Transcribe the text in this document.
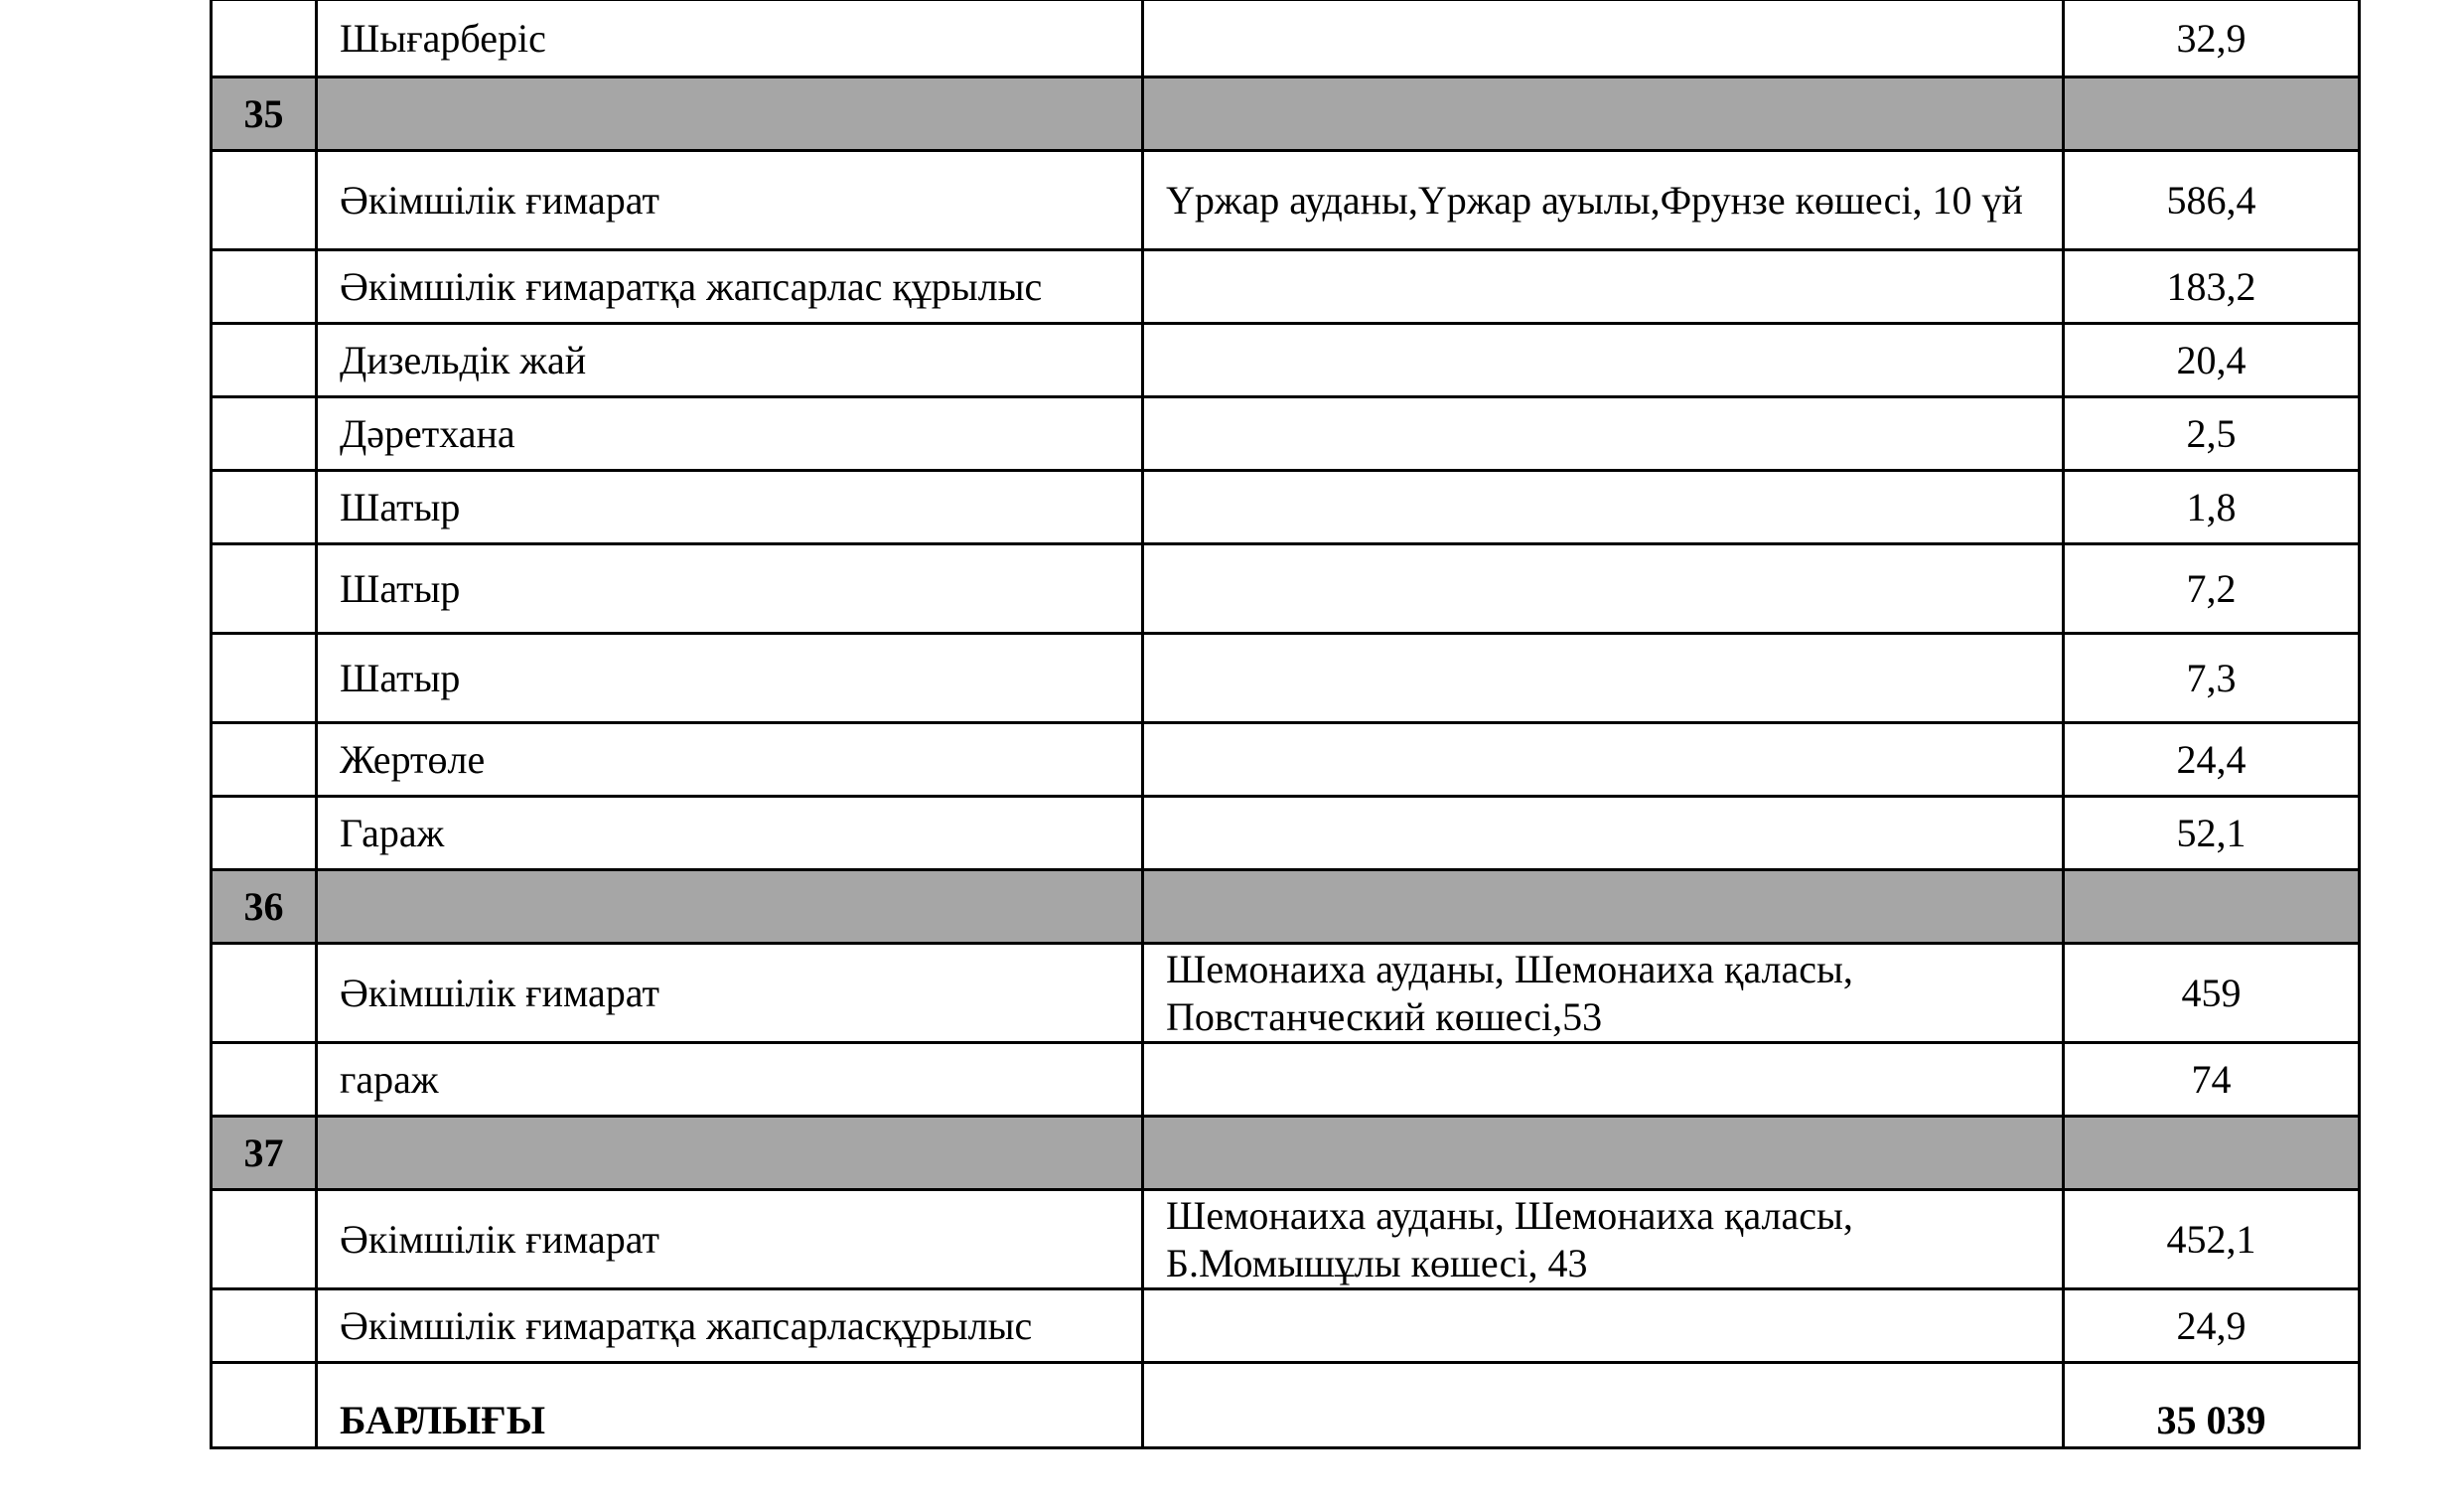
	Шығарберіс		32,9
35	

	Әкімшілік ғимарат	Үржар ауданы,Үржар ауылы,Фрунзе көшесі, 10 үй	586,4
	Әкімшілік ғимаратқа жапсарлас құрылыс		183,2
	Дизельдік жай		20,4
	Дәретхана		2,5
	Шатыр		1,8
	Шатыр		7,2
	Шатыр		7,3
	Жертөле		24,4
	Гараж		52,1
36	

	Әкімшілік ғимарат	Шемонаиха ауданы, Шемонаиха қаласы, Повстанческий көшесі,53	459
	гараж		74
37	

	Әкімшілік ғимарат	Шемонаиха ауданы, Шемонаиха қаласы, Б.Момышұлы көшесі, 43	452,1
	Әкімшілік ғимаратқа жапсарласқұрылыс		24,9
	БАРЛЫҒЫ		35 039
